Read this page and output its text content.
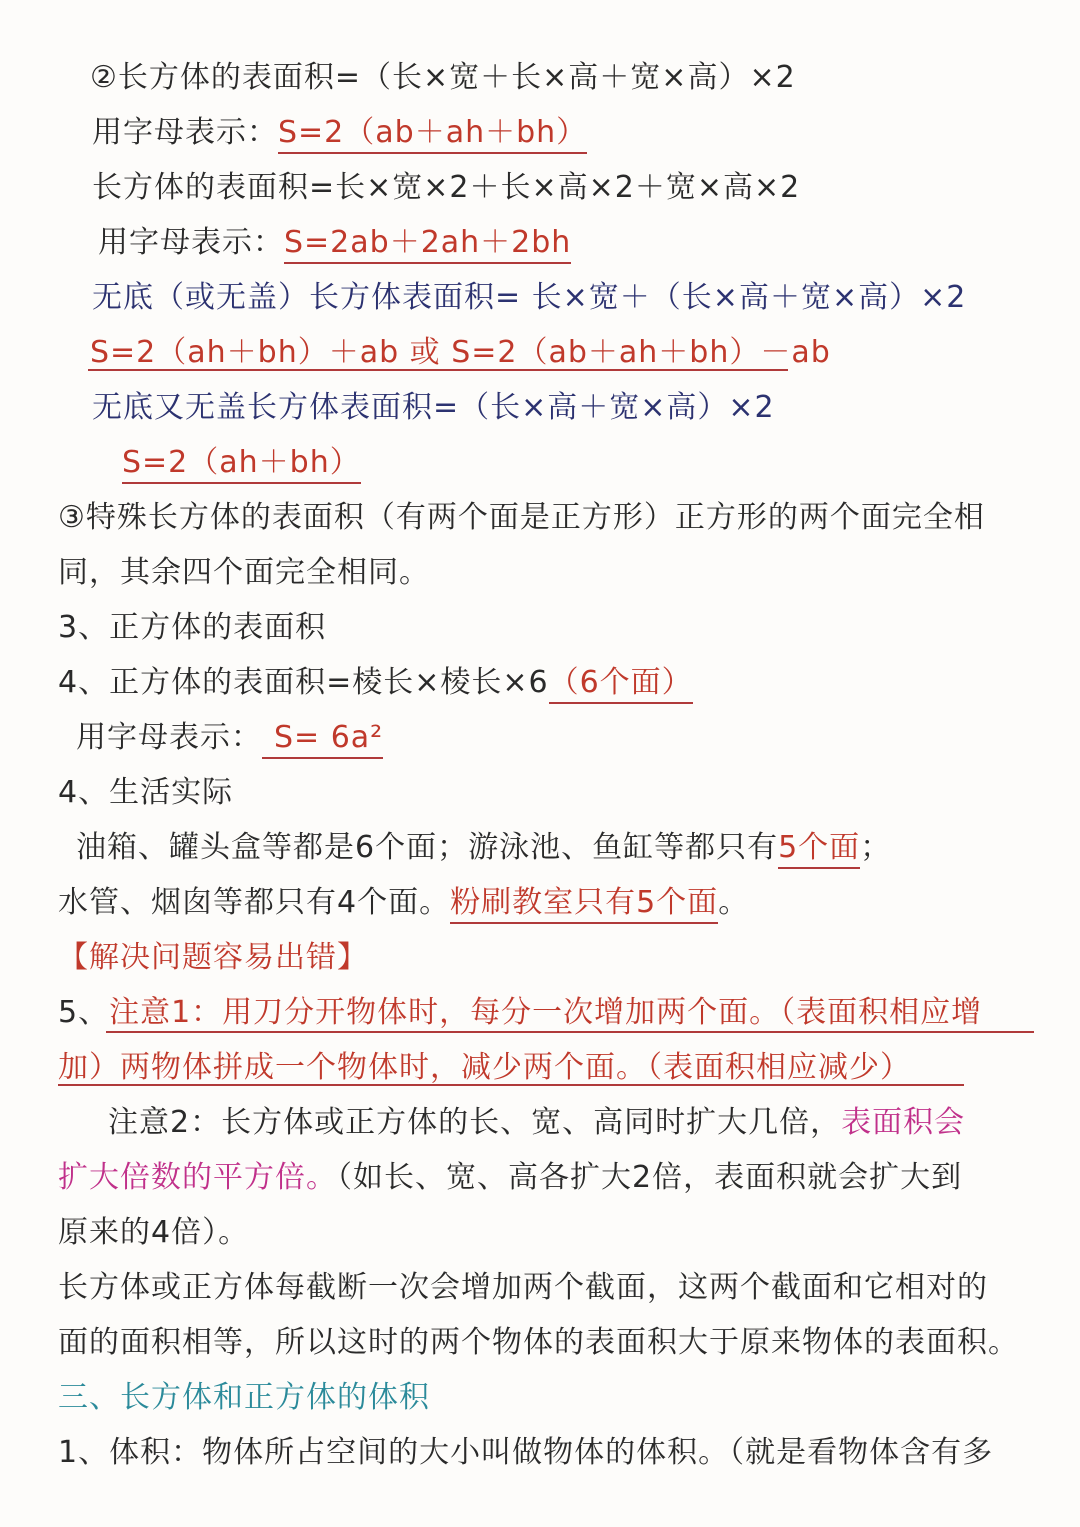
②长方体的表面积=（长×宽＋长×高＋宽×高）×2
用字母表示：S=2（ab＋ah＋bh）
长方体的表面积=长×宽×2＋长×高×2＋宽×高×2
用字母表示：S=2ab＋2ah＋2bh
无底（或无盖）长方体表面积= 长×宽＋（长×高＋宽×高）×2
S=2（ah＋bh）＋ab 或 S=2（ab＋ah＋bh）－ab
无底又无盖长方体表面积=（长×高＋宽×高）×2
S=2（ah＋bh）
③特殊长方体的表面积（有两个面是正方形）正方形的两个面完全相
同，其余四个面完全相同。
3、正方体的表面积
4、正方体的表面积=棱长×棱长×6（6个面）
用字母表示： S= 6a²
4、生活实际
油箱、罐头盒等都是6个面；游泳池、鱼缸等都只有5个面；
水管、烟囱等都只有4个面。粉刷教室只有5个面。
【解决问题容易出错】
5、注意1：用刀分开物体时，每分一次增加两个面。（表面积相应增
加）两物体拼成一个物体时，减少两个面。（表面积相应减少）
注意2：长方体或正方体的长、宽、高同时扩大几倍，表面积会
扩大倍数的平方倍。（如长、宽、高各扩大2倍，表面积就会扩大到
原来的4倍）。
长方体或正方体每截断一次会增加两个截面，这两个截面和它相对的
面的面积相等，所以这时的两个物体的表面积大于原来物体的表面积。
三、长方体和正方体的体积
1、体积：物体所占空间的大小叫做物体的体积。（就是看物体含有多
